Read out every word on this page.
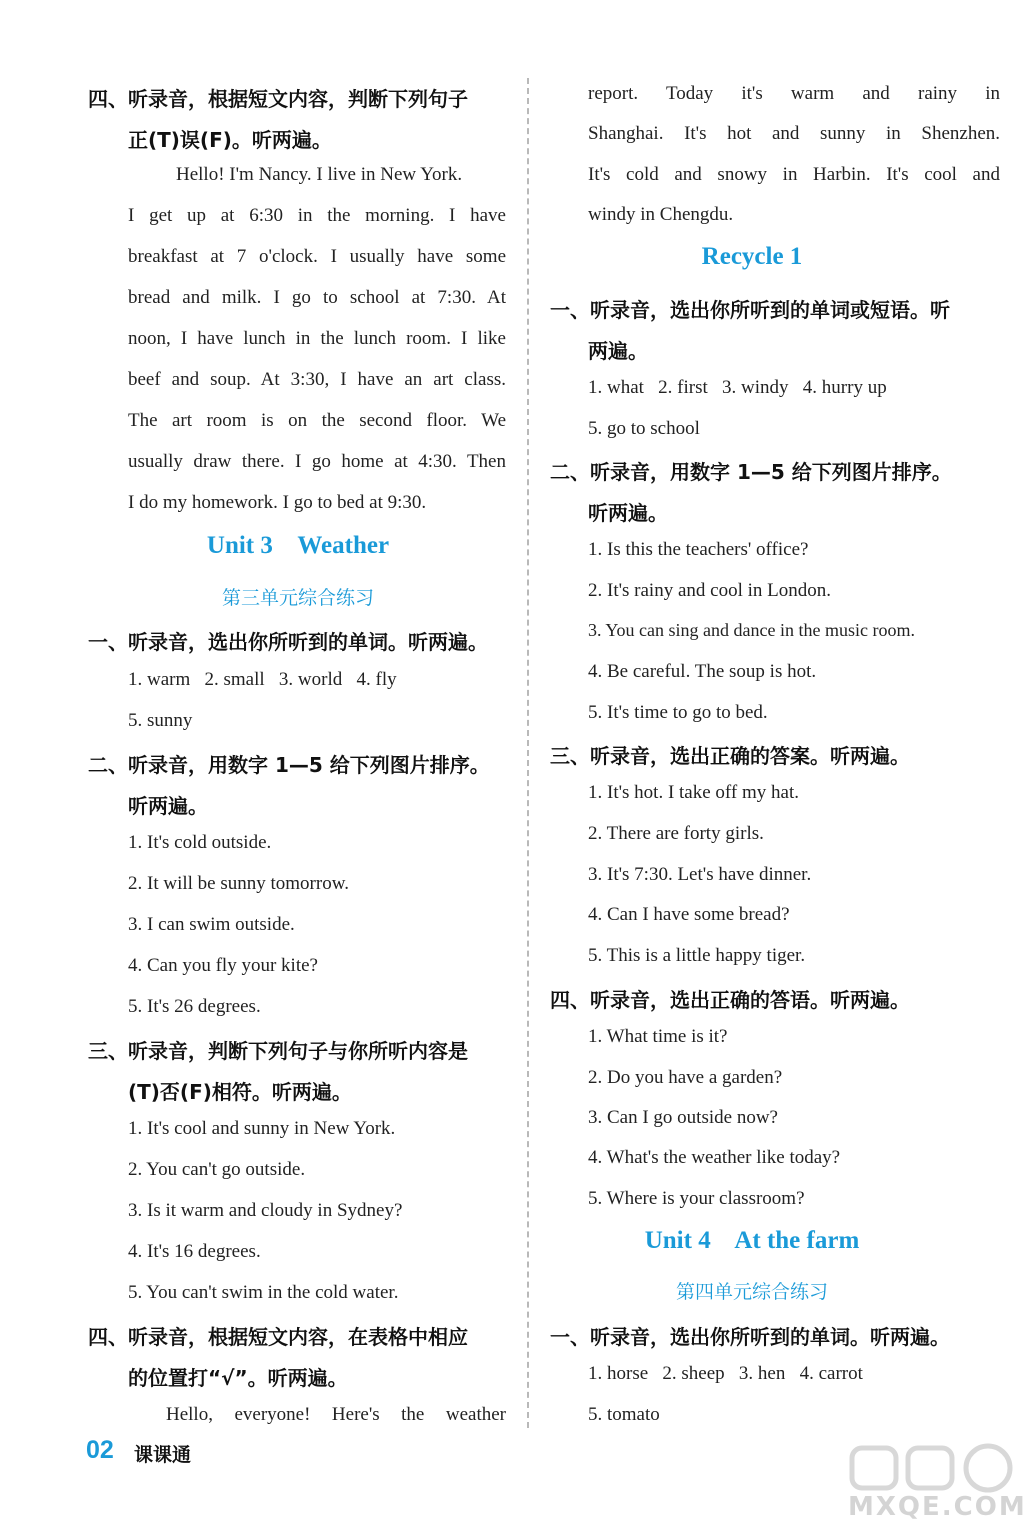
四、听录音，根据短文内容，判断下列句子
正(T)误(F)。听两遍。
Hello! I'm Nancy. I live in New York.
I get up at 6:30 in the morning. I have
breakfast at 7 o'clock. I usually have some
bread and milk. I go to school at 7:30. At
noon, I have lunch in the lunch room. I like
beef and soup. At 3:30, I have an art class.
The art room is on the second floor. We
usually draw there. I go home at 4:30. Then
I do my homework. I go to bed at 9:30.
Unit 3    Weather
第三单元综合练习
一、听录音，选出你所听到的单词。听两遍。
1. warm   2. small   3. world   4. fly
5. sunny
二、听录音，用数字 1—5 给下列图片排序。
听两遍。
1. It's cold outside.
2. It will be sunny tomorrow.
3. I can swim outside.
4. Can you fly your kite?
5. It's 26 degrees.
三、听录音，判断下列句子与你所听内容是
(T)否(F)相符。听两遍。
1. It's cool and sunny in New York.
2. You can't go outside.
3. Is it warm and cloudy in Sydney?
4. It's 16 degrees.
5. You can't swim in the cold water.
四、听录音，根据短文内容，在表格中相应
的位置打“√”。听两遍。
Hello, everyone! Here's the weather
report. Today it's warm and rainy in
Shanghai. It's hot and sunny in Shenzhen.
It's cold and snowy in Harbin. It's cool and
windy in Chengdu.
Recycle 1
一、听录音，选出你所听到的单词或短语。听
两遍。
1. what   2. first   3. windy   4. hurry up
5. go to school
二、听录音，用数字 1—5 给下列图片排序。
听两遍。
1. Is this the teachers' office?
2. It's rainy and cool in London.
3. You can sing and dance in the music room.
4. Be careful. The soup is hot.
5. It's time to go to bed.
三、听录音，选出正确的答案。听两遍。
1. It's hot. I take off my hat.
2. There are forty girls.
3. It's 7:30. Let's have dinner.
4. Can I have some bread?
5. This is a little happy tiger.
四、听录音，选出正确的答语。听两遍。
1. What time is it?
2. Do you have a garden?
3. Can I go outside now?
4. What's the weather like today?
5. Where is your classroom?
Unit 4    At the farm
第四单元综合练习
一、听录音，选出你所听到的单词。听两遍。
1. horse   2. sheep   3. hen   4. carrot
5. tomato
02 课课通
MXQE.COM
